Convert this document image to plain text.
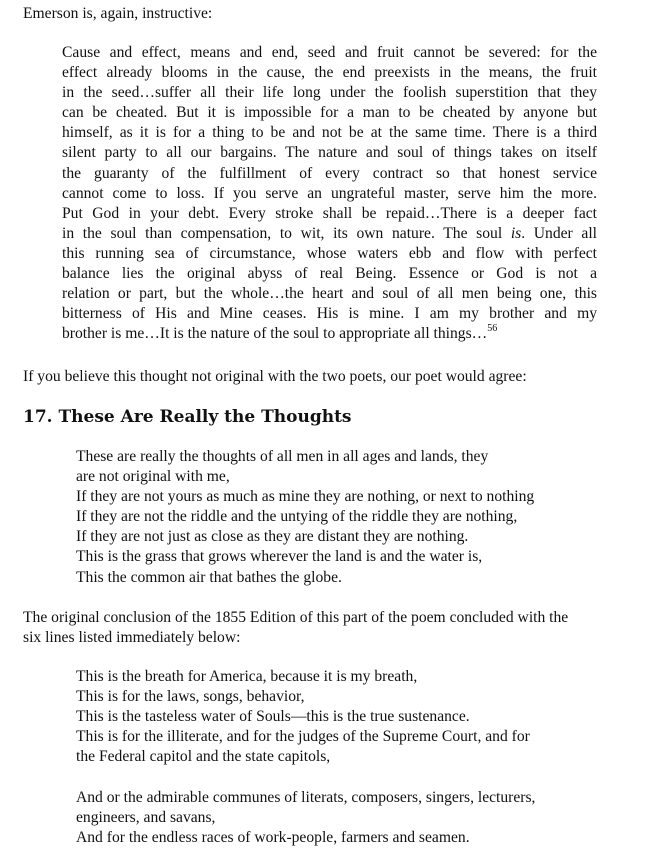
Emerson is, again, instructive:

Cause and effect, means and end, seed and fruit cannot be severed: for the
effect already blooms in the cause, the end preexists in the means, the fruit
in the seed…suffer all their life long under the foolish superstition that they
can be cheated. But it is impossible for a man to be cheated by anyone but
himself, as it is for a thing to be and not be at the same time. There is a third
silent party to all our bargains. The nature and soul of things takes on itself
the guaranty of the fulfillment of every contract so that honest service
cannot come to loss. If you serve an ungrateful master, serve him the more.
Put God in your debt. Every stroke shall be repaid…There is a deeper fact
in the soul than compensation, to wit, its own nature. The soul is. Under all
this running sea of circumstance, whose waters ebb and flow with perfect
balance lies the original abyss of real Being. Essence or God is not a
relation or part, but the whole…the heart and soul of all men being one, this
bitterness of His and Mine ceases. His is mine. I am my brother and my
brother is me…It is the nature of the soul to appropriate all things…$^{56}$

If you believe this thought not original with the two poets, our poet would agree:

17. These Are Really the Thoughts
These are really the thoughts of all men in all ages and lands, they
are not original with me,
If they are not yours as much as mine they are nothing, or next to nothing
If they are not the riddle and the untying of the riddle they are nothing,
If they are not just as close as they are distant they are nothing.
This is the grass that grows wherever the land is and the water is,
This the common air that bathes the globe.
The original conclusion of the 1855 Edition of this part of the poem concluded with the
six lines listed immediately below:
This is the breath for America, because it is my breath,
This is for the laws, songs, behavior,
This is the tasteless water of Souls—this is the true sustenance.
This is for the illiterate, and for the judges of the Supreme Court, and for
the Federal capitol and the state capitols,
And or the admirable communes of literats, composers, singers, lecturers,
engineers, and savans,
And for the endless races of work-people, farmers and seamen.
